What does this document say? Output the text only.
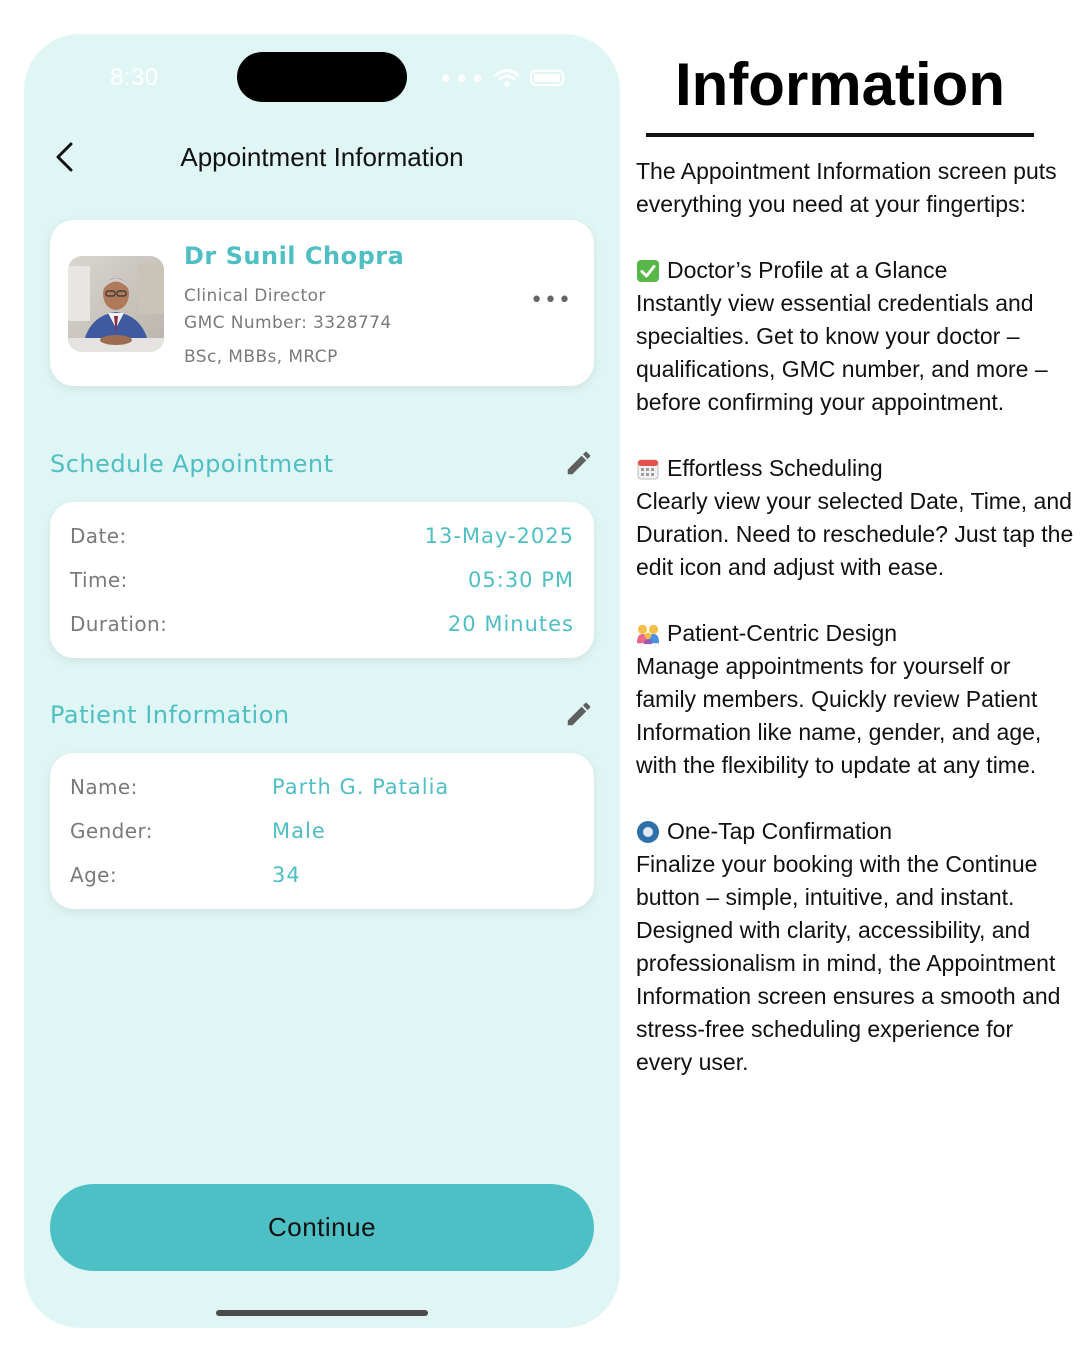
8:30	● ● ●
Appointment Information
Dr Sunil Chopra
Clinical Director
GMC Number: 3328774
BSc, MBBs, MRCP
•••
Schedule Appointment
Date:	13-May-2025
Time:	05:30 PM
Duration:	20 Minutes
Patient Information
Name:	Parth G. Patalia
Gender:	Male
Age:	34
Continue
Information

The Appointment Information screen puts everything you need at your fingertips:

Doctor’s Profile at a Glance
Instantly view essential credentials and specialties. Get to know your doctor – qualifications, GMC number, and more – before confirming your appointment.

Effortless Scheduling
Clearly view your selected Date, Time, and Duration. Need to reschedule? Just tap the edit icon and adjust with ease.

Patient-Centric Design
Manage appointments for yourself or family members. Quickly review Patient Information like name, gender, and age, with the flexibility to update at any time.

One-Tap Confirmation
Finalize your booking with the Continue button – simple, intuitive, and instant. Designed with clarity, accessibility, and professionalism in mind, the Appointment Information screen ensures a smooth and stress-free scheduling experience for every user.
